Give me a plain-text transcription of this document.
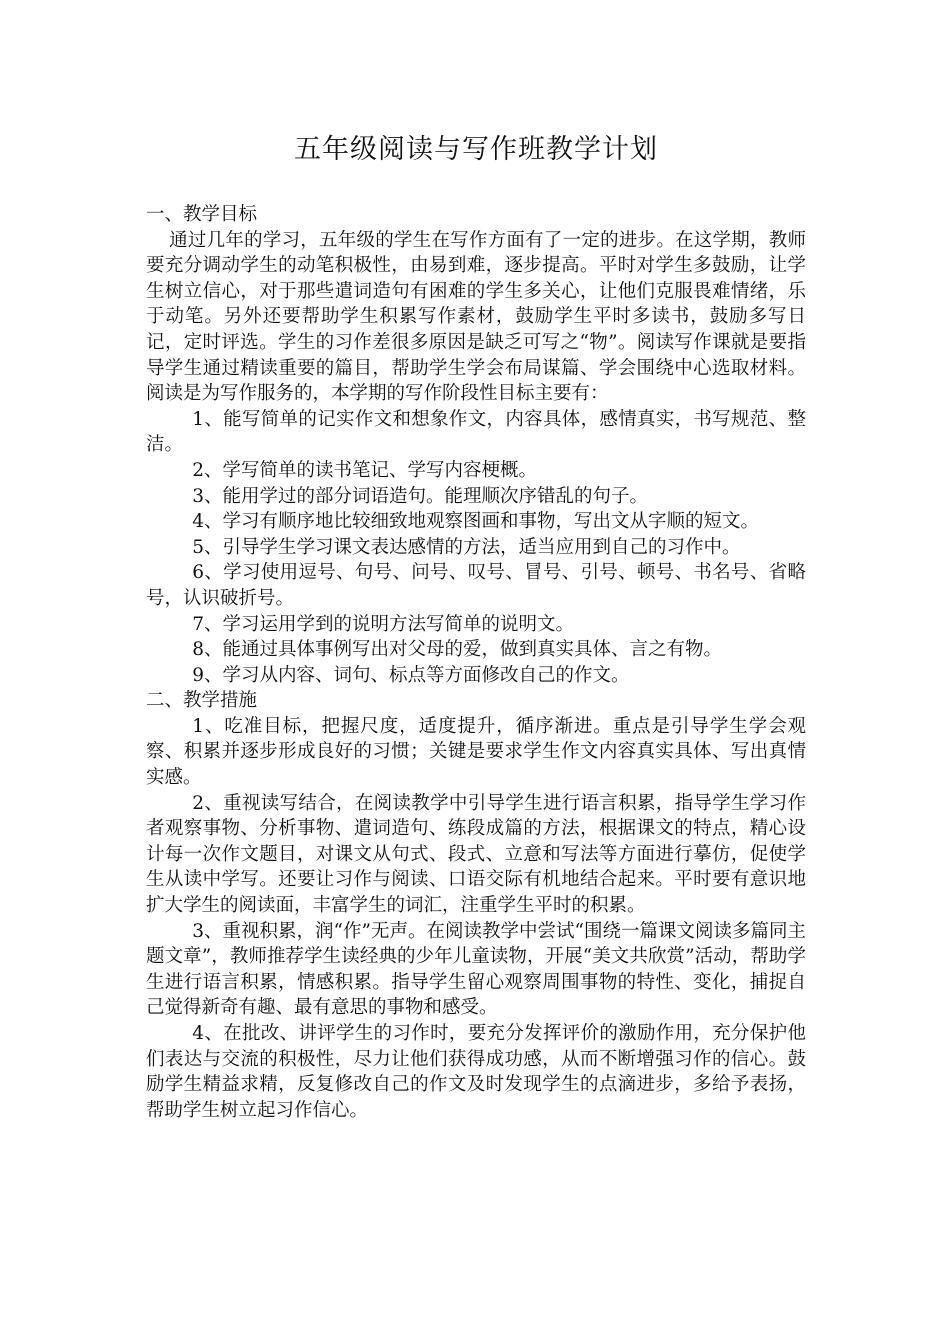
五年级阅读与写作班教学计划

一、教学目标

通过几年的学习，五年级的学生在写作方面有了一定的进步。在这学期，教师要充分调动学生的动笔积极性，由易到难，逐步提高。平时对学生多鼓励，让学生树立信心，对于那些遣词造句有困难的学生多关心，让他们克服畏难情绪，乐于动笔。另外还要帮助学生积累写作素材，鼓励学生平时多读书，鼓励多写日记，定时评选。学生的习作差很多原因是缺乏可写之“物”。阅读写作课就是要指导学生通过精读重要的篇目，帮助学生学会布局谋篇、学会围绕中心选取材料。阅读是为写作服务的，本学期的写作阶段性目标主要有：

1、能写简单的记实作文和想象作文，内容具体，感情真实，书写规范、整洁。

2、学写简单的读书笔记、学写内容梗概。

3、能用学过的部分词语造句。能理顺次序错乱的句子。

4、学习有顺序地比较细致地观察图画和事物，写出文从字顺的短文。

5、引导学生学习课文表达感情的方法，适当应用到自己的习作中。

6、学习使用逗号、句号、问号、叹号、冒号、引号、顿号、书名号、省略号，认识破折号。

7、学习运用学到的说明方法写简单的说明文。

8、能通过具体事例写出对父母的爱，做到真实具体、言之有物。

9、学习从内容、词句、标点等方面修改自己的作文。

二、教学措施

1、吃准目标，把握尺度，适度提升，循序渐进。重点是引导学生学会观察、积累并逐步形成良好的习惯；关键是要求学生作文内容真实具体、写出真情实感。

2、重视读写结合，在阅读教学中引导学生进行语言积累，指导学生学习作者观察事物、分析事物、遣词造句、练段成篇的方法，根据课文的特点，精心设计每一次作文题目，对课文从句式、段式、立意和写法等方面进行摹仿，促使学生从读中学写。还要让习作与阅读、口语交际有机地结合起来。平时要有意识地扩大学生的阅读面，丰富学生的词汇，注重学生平时的积累。

3、重视积累，润“作”无声。在阅读教学中尝试“围绕一篇课文阅读多篇同主题文章”，教师推荐学生读经典的少年儿童读物，开展“美文共欣赏”活动，帮助学生进行语言积累，情感积累。指导学生留心观察周围事物的特性、变化，捕捉自己觉得新奇有趣、最有意思的事物和感受。

4、在批改、讲评学生的习作时，要充分发挥评价的激励作用，充分保护他们表达与交流的积极性，尽力让他们获得成功感，从而不断增强习作的信心。鼓励学生精益求精，反复修改自己的作文及时发现学生的点滴进步，多给予表扬，帮助学生树立起习作信心。
